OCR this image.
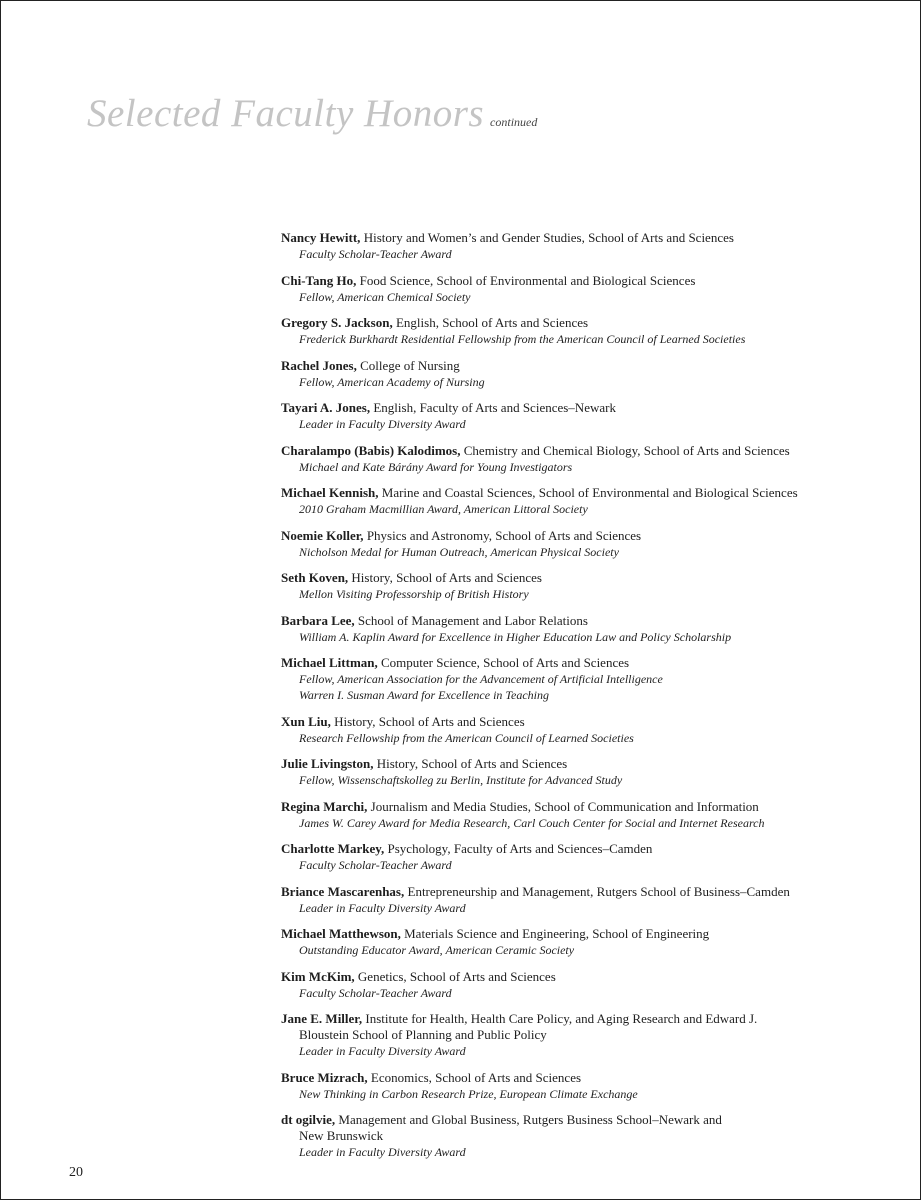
Selected Faculty Honors continued
Nancy Hewitt, History and Women’s and Gender Studies, School of Arts and Sciences
Faculty Scholar-Teacher Award
Chi-Tang Ho, Food Science, School of Environmental and Biological Sciences
Fellow, American Chemical Society
Gregory S. Jackson, English, School of Arts and Sciences
Frederick Burkhardt Residential Fellowship from the American Council of Learned Societies
Rachel Jones, College of Nursing
Fellow, American Academy of Nursing
Tayari A. Jones, English, Faculty of Arts and Sciences–Newark
Leader in Faculty Diversity Award
Charalampo (Babis) Kalodimos, Chemistry and Chemical Biology, School of Arts and Sciences
Michael and Kate Bárány Award for Young Investigators
Michael Kennish, Marine and Coastal Sciences, School of Environmental and Biological Sciences
2010 Graham Macmillian Award, American Littoral Society
Noemie Koller, Physics and Astronomy, School of Arts and Sciences
Nicholson Medal for Human Outreach, American Physical Society
Seth Koven, History, School of Arts and Sciences
Mellon Visiting Professorship of British History
Barbara Lee, School of Management and Labor Relations
William A. Kaplin Award for Excellence in Higher Education Law and Policy Scholarship
Michael Littman, Computer Science, School of Arts and Sciences
Fellow, American Association for the Advancement of Artificial Intelligence
Warren I. Susman Award for Excellence in Teaching
Xun Liu, History, School of Arts and Sciences
Research Fellowship from the American Council of Learned Societies
Julie Livingston, History, School of Arts and Sciences
Fellow, Wissenschaftskolleg zu Berlin, Institute for Advanced Study
Regina Marchi, Journalism and Media Studies, School of Communication and Information
James W. Carey Award for Media Research, Carl Couch Center for Social and Internet Research
Charlotte Markey, Psychology, Faculty of Arts and Sciences–Camden
Faculty Scholar-Teacher Award
Briance Mascarenhas, Entrepreneurship and Management, Rutgers School of Business–Camden
Leader in Faculty Diversity Award
Michael Matthewson, Materials Science and Engineering, School of Engineering
Outstanding Educator Award, American Ceramic Society
Kim McKim, Genetics, School of Arts and Sciences
Faculty Scholar-Teacher Award
Jane E. Miller, Institute for Health, Health Care Policy, and Aging Research and Edward J.
Bloustein School of Planning and Public Policy
Leader in Faculty Diversity Award
Bruce Mizrach, Economics, School of Arts and Sciences
New Thinking in Carbon Research Prize, European Climate Exchange
dt ogilvie, Management and Global Business, Rutgers Business School–Newark and
New Brunswick
Leader in Faculty Diversity Award
20
